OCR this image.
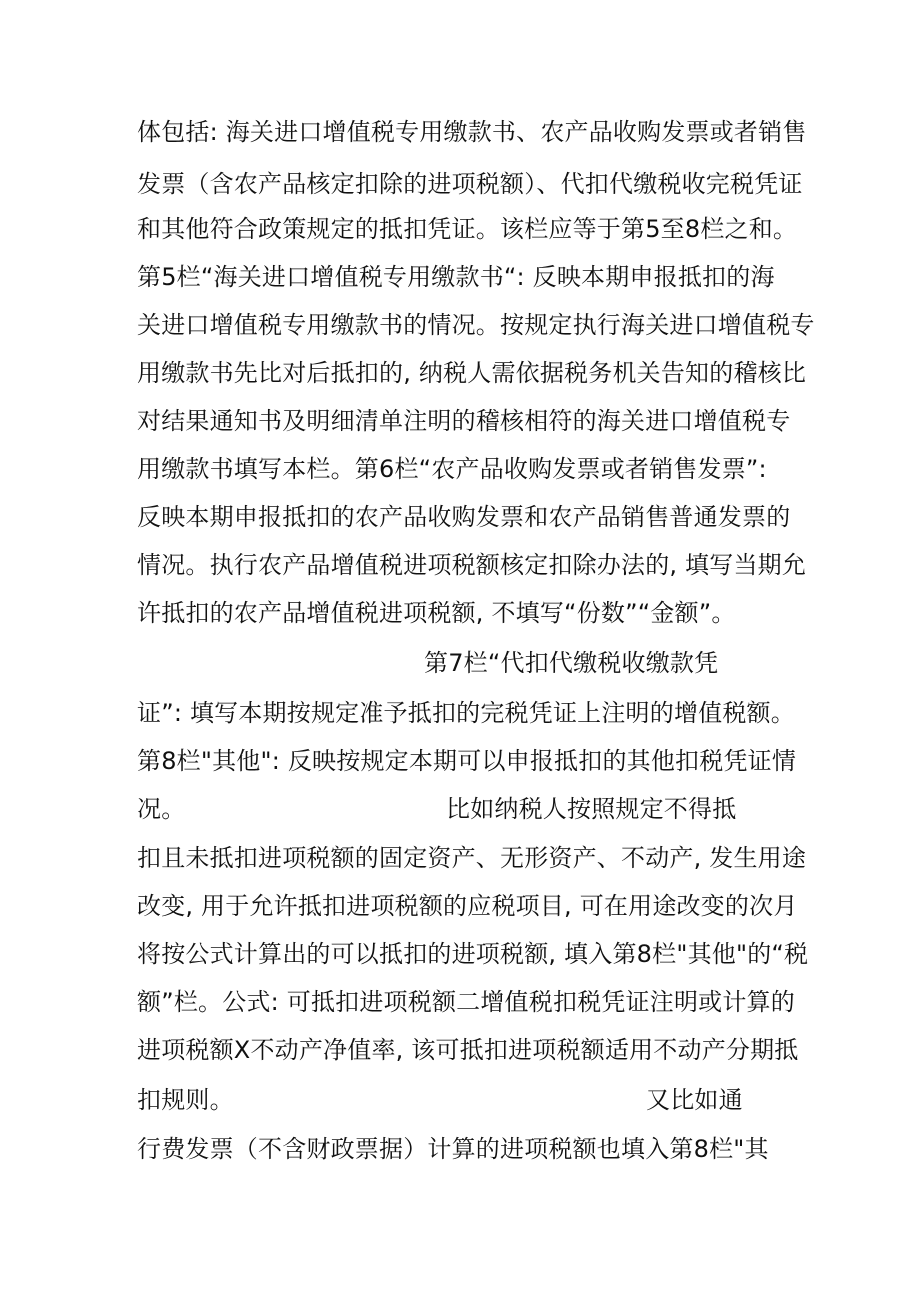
体包括: 海关进口增值税专用缴款书、农产品收购发票或者销售
发票（含农产品核定扣除的进项税额）、代扣代缴税收完税凭证
和其他符合政策规定的抵扣凭证。该栏应等于第5至8栏之和。
第5栏“海关进口增值税专用缴款书“: 反映本期申报抵扣的海
关进口增值税专用缴款书的情况。按规定执行海关进口增值税专
用缴款书先比对后抵扣的, 纳税人需依据税务机关告知的稽核比
对结果通知书及明细清单注明的稽核相符的海关进口增值税专
用缴款书填写本栏。第6栏“农产品收购发票或者销售发票”:
反映本期申报抵扣的农产品收购发票和农产品销售普通发票的
情况。执行农产品增值税进项税额核定扣除办法的, 填写当期允
许抵扣的农产品增值税进项税额, 不填写“份数”“金额”。
第7栏“代扣代缴税收缴款凭
证”: 填写本期按规定准予抵扣的完税凭证上注明的增值税额。
第8栏"其他": 反映按规定本期可以申报抵扣的其他扣税凭证情
况。	比如纳税人按照规定不得抵
扣且未抵扣进项税额的固定资产、无形资产、不动产, 发生用途
改变, 用于允许抵扣进项税额的应税项目, 可在用途改变的次月
将按公式计算出的可以抵扣的进项税额, 填入第8栏"其他"的“税
额”栏。公式: 可抵扣进项税额二增值税扣税凭证注明或计算的
进项税额X不动产净值率, 该可抵扣进项税额适用不动产分期抵
扣规则。	又比如通
行费发票（不含财政票据）计算的进项税额也填入第8栏"其
